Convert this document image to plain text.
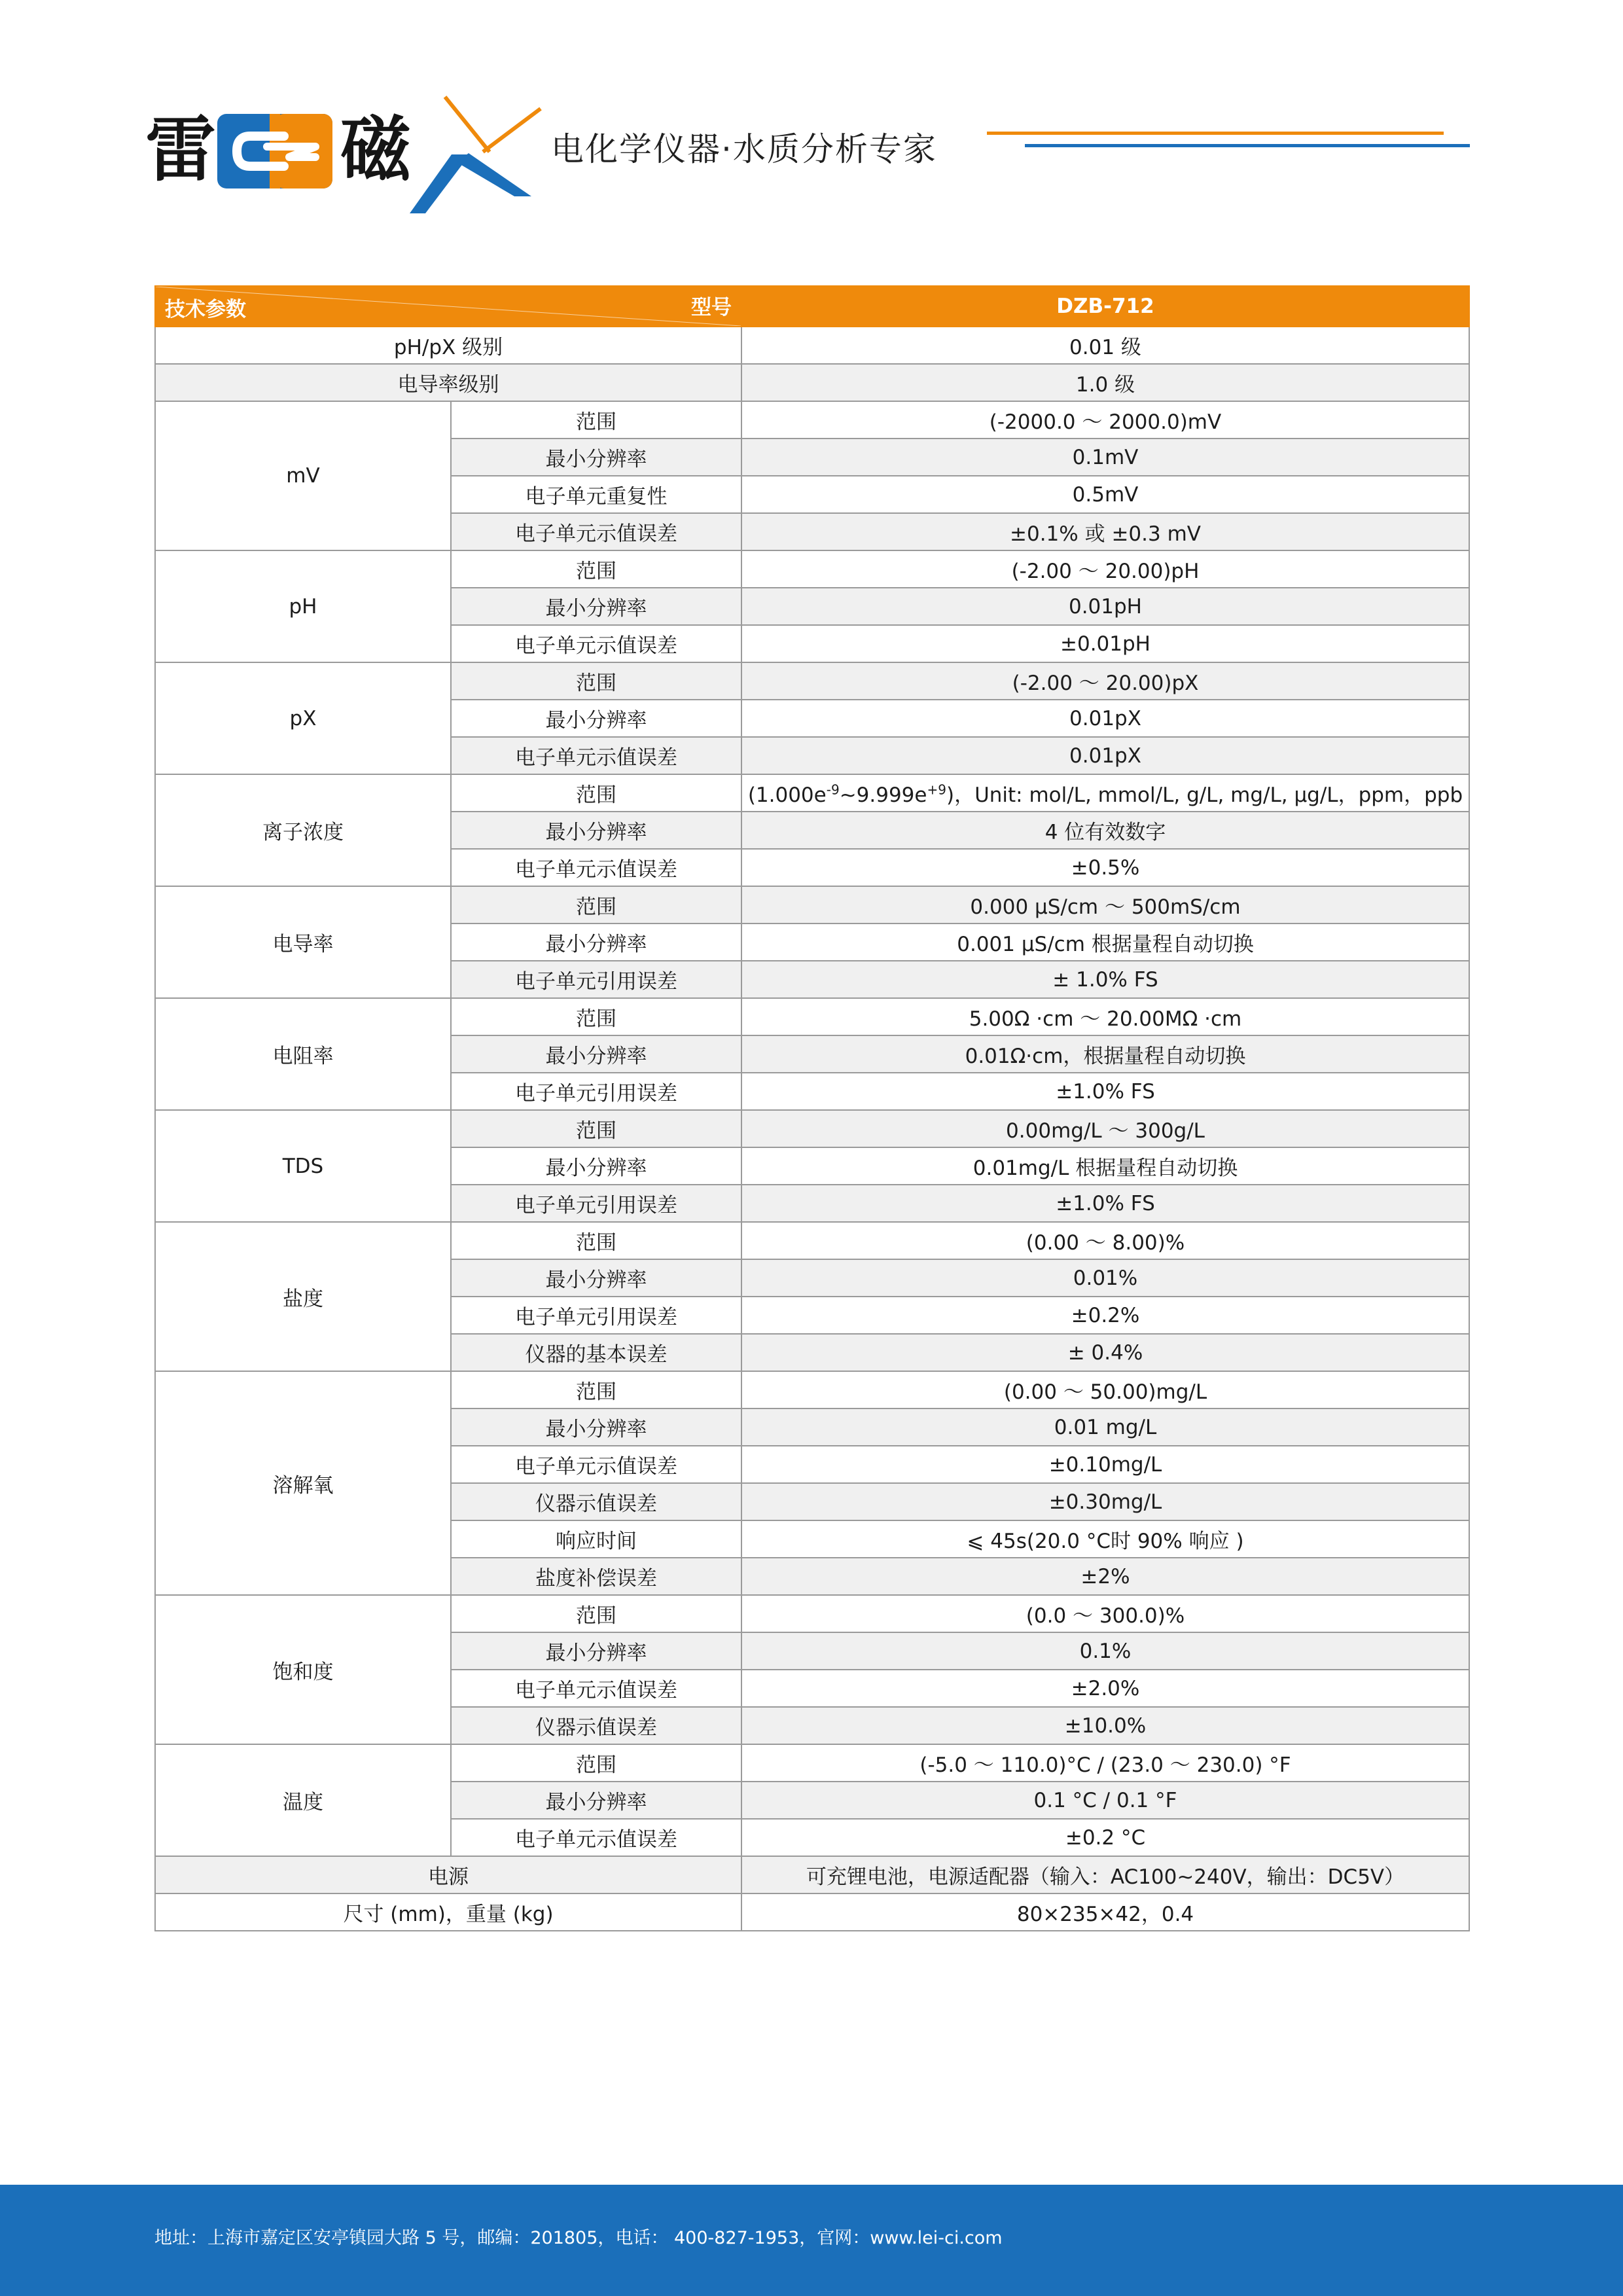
雷 磁	电化学仪器·水质分析专家
技术参数 型号		DZB-712
pH/pX 级别		0.01 级
电导率级别		1.0 级
mV	范围	(-2000.0 ～ 2000.0)mV
	最小分辨率	0.1mV
	电子单元重复性	0.5mV
	电子单元示值误差	±0.1% 或 ±0.3 mV
pH	范围	(-2.00 ～ 20.00)pH
	最小分辨率	0.01pH
	电子单元示值误差	±0.01pH
pX	范围	(-2.00 ～ 20.00)pX
	最小分辨率	0.01pX
	电子单元示值误差	0.01pX
离子浓度	范围	$(1.000e^{-9}\sim 9.999e^{+9})$，Unit: mol/L, mmol/L, g/L, mg/L, μg/L，ppm，ppb
	最小分辨率	4 位有效数字
	电子单元示值误差	±0.5%
电导率	范围	0.000 μS/cm ～ 500mS/cm
	最小分辨率	0.001 μS/cm 根据量程自动切换
	电子单元引用误差	± 1.0% FS
电阻率	范围	5.00Ω ·cm ～ 20.00MΩ ·cm
	最小分辨率	0.01Ω·cm，根据量程自动切换
	电子单元引用误差	±1.0% FS
TDS	范围	0.00mg/L ～ 300g/L
	最小分辨率	0.01mg/L 根据量程自动切换
	电子单元引用误差	±1.0% FS
盐度	范围	(0.00 ～ 8.00)%
	最小分辨率	0.01%
	电子单元引用误差	±0.2%
	仪器的基本误差	± 0.4%
溶解氧	范围	(0.00 ～ 50.00)mg/L
	最小分辨率	0.01 mg/L
	电子单元示值误差	±0.10mg/L
	仪器示值误差	±0.30mg/L
	响应时间	⩽ 45s(20.0 °C时 90% 响应 )
	盐度补偿误差	±2%
饱和度	范围	(0.0 ～ 300.0)%
	最小分辨率	0.1%
	电子单元示值误差	±2.0%
	仪器示值误差	±10.0%
温度	范围	(-5.0 ～ 110.0)°C / (23.0 ～ 230.0) °F
	最小分辨率	0.1 °C / 0.1 °F
	电子单元示值误差	±0.2 °C
电源		可充锂电池，电源适配器（输入：AC100~240V，输出：DC5V）
尺寸 (mm)，重量 (kg)		80×235×42，0.4
地址：上海市嘉定区安亭镇园大路 5 号，邮编：201805，电话： 400-827-1953，官网：www.lei-ci.com
